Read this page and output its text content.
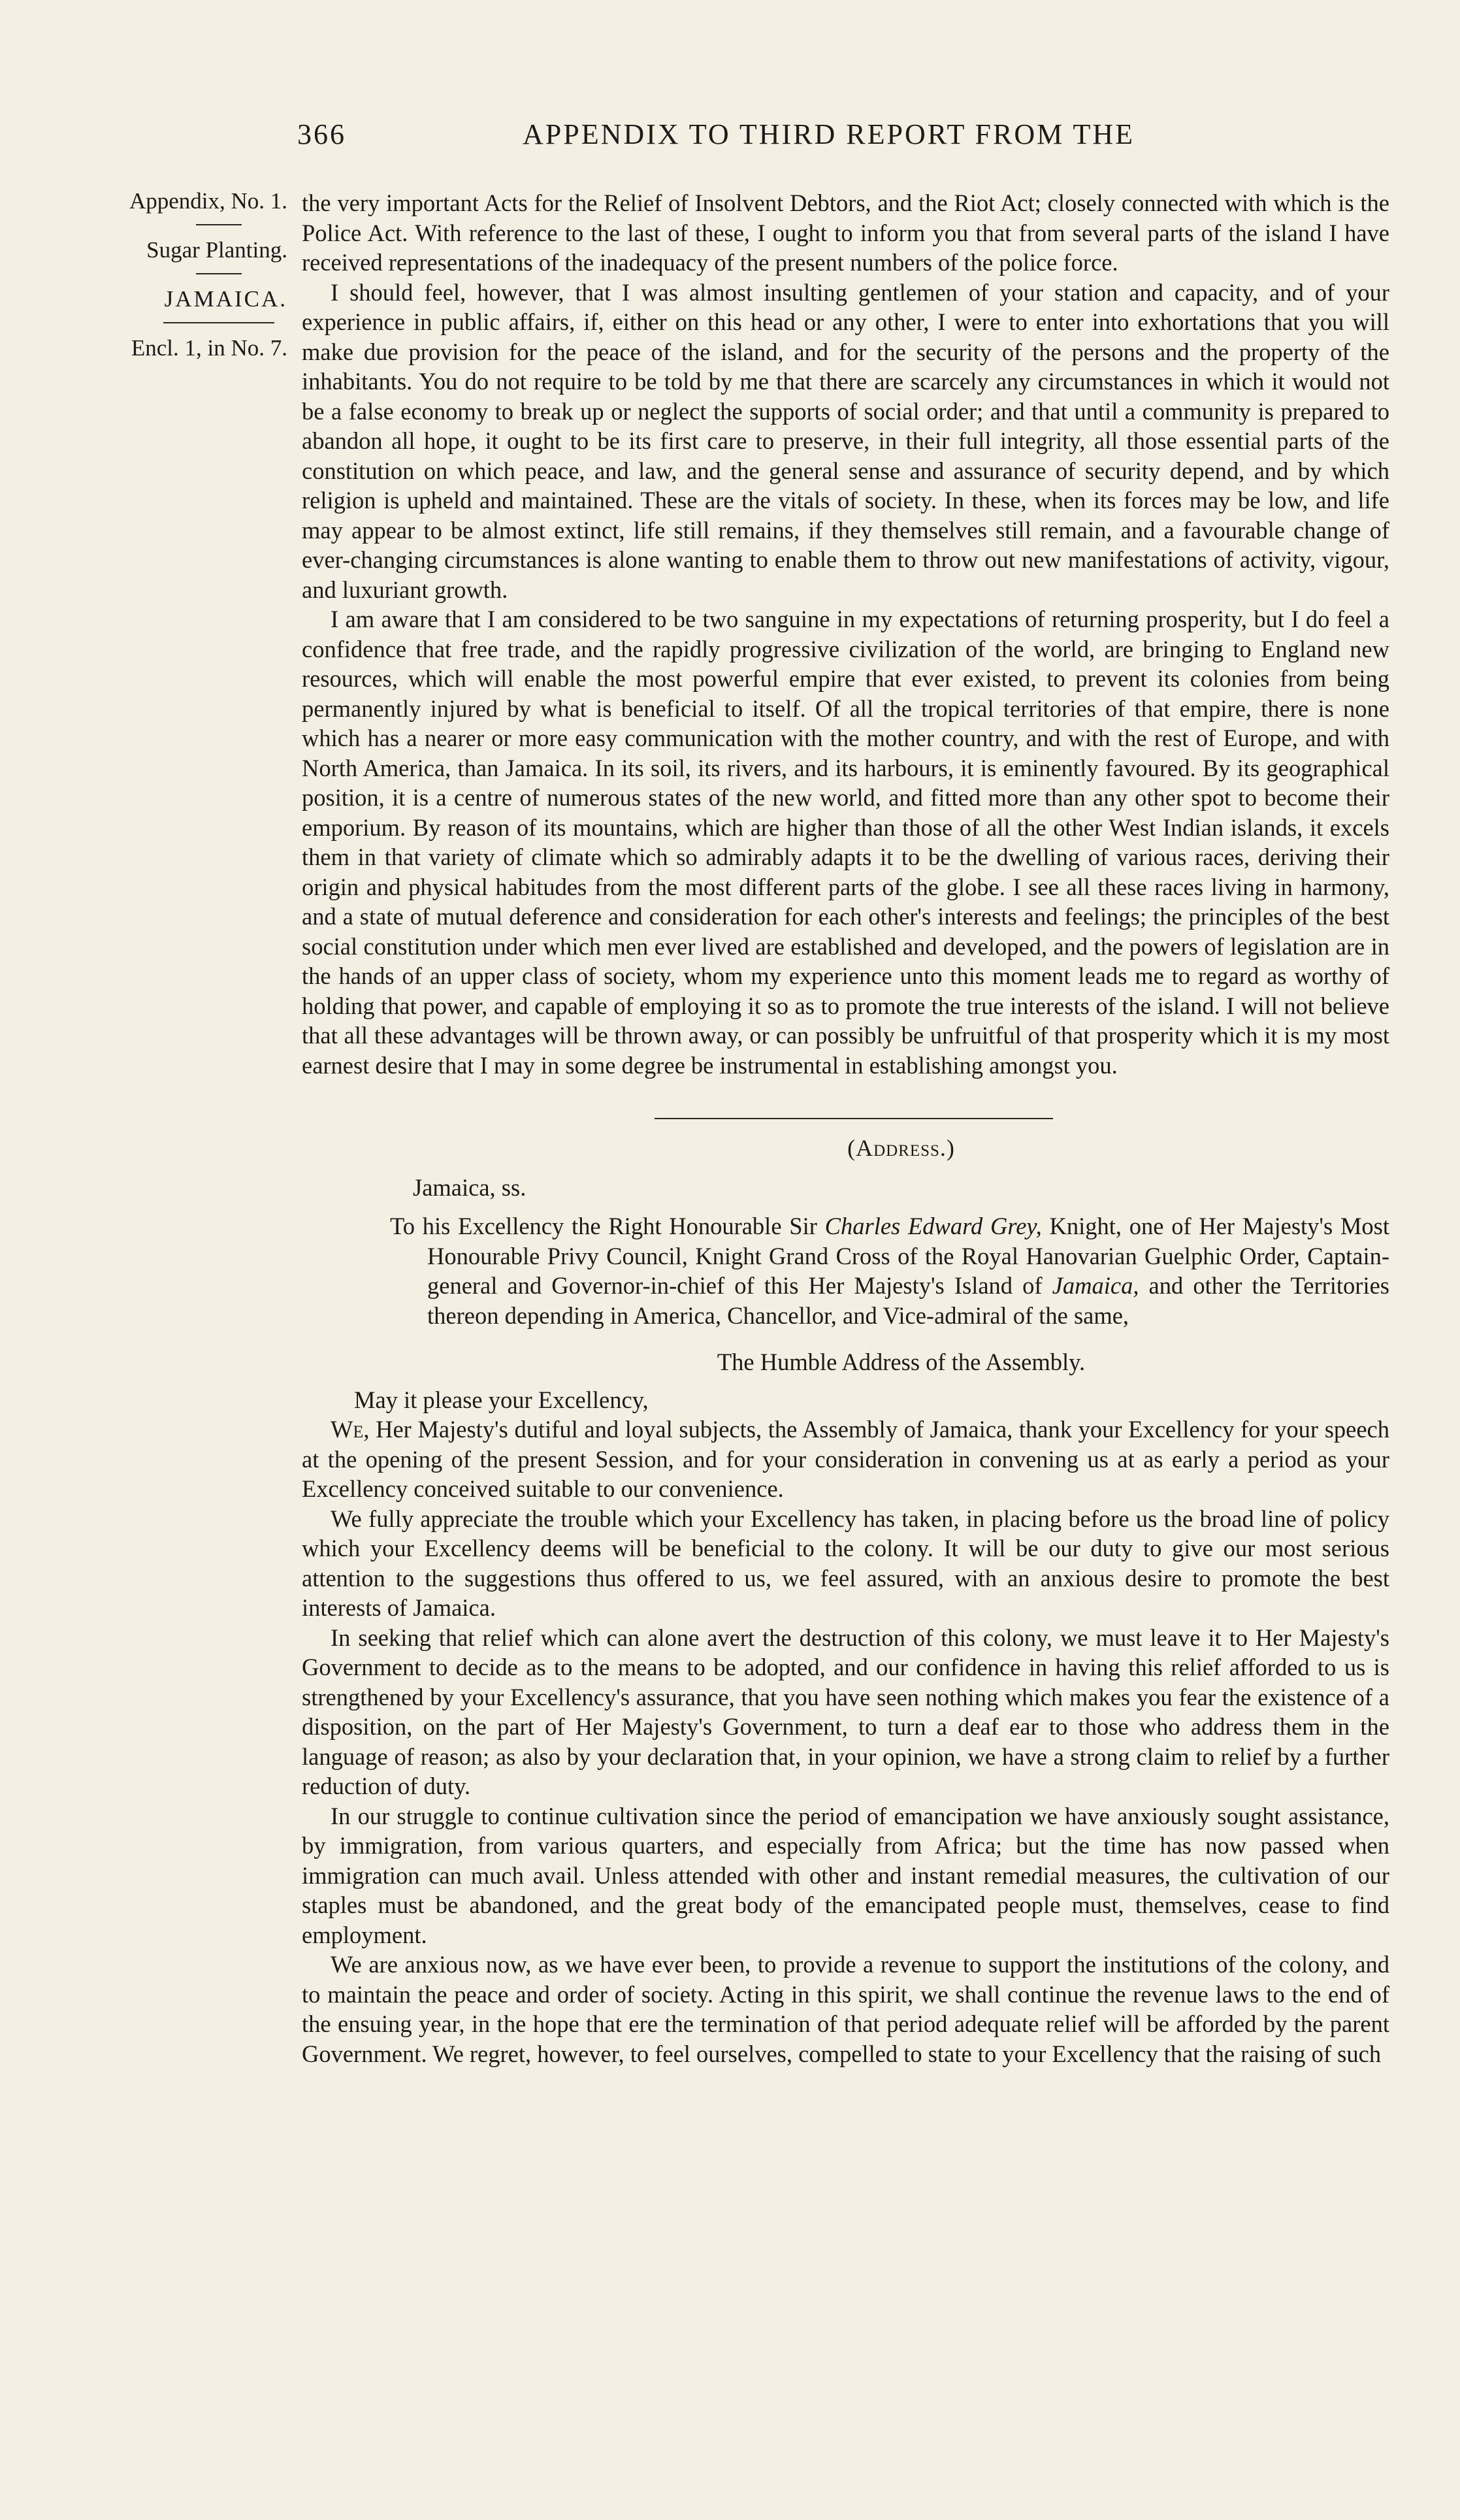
366	APPENDIX TO THIRD REPORT FROM THE
Appendix, No. 1.
Sugar Planting.
JAMAICA.
Encl. 1, in No. 7.

the very important Acts for the Relief of Insolvent Debtors, and the Riot Act; closely connected with which is the Police Act. With reference to the last of these, I ought to inform you that from several parts of the island I have received representations of the inadequacy of the present numbers of the police force.

I should feel, however, that I was almost insulting gentlemen of your station and capacity, and of your experience in public affairs, if, either on this head or any other, I were to enter into exhortations that you will make due provision for the peace of the island, and for the security of the persons and the property of the inhabitants. You do not require to be told by me that there are scarcely any circumstances in which it would not be a false economy to break up or neglect the supports of social order; and that until a community is prepared to abandon all hope, it ought to be its first care to preserve, in their full integrity, all those essential parts of the constitution on which peace, and law, and the general sense and assurance of security depend, and by which religion is upheld and maintained. These are the vitals of society. In these, when its forces may be low, and life may appear to be almost extinct, life still remains, if they themselves still remain, and a favourable change of ever-changing circumstances is alone wanting to enable them to throw out new manifestations of activity, vigour, and luxuriant growth.

I am aware that I am considered to be two sanguine in my expectations of returning prosperity, but I do feel a confidence that free trade, and the rapidly progressive civilization of the world, are bringing to England new resources, which will enable the most powerful empire that ever existed, to prevent its colonies from being permanently injured by what is beneficial to itself. Of all the tropical territories of that empire, there is none which has a nearer or more easy communication with the mother country, and with the rest of Europe, and with North America, than Jamaica. In its soil, its rivers, and its harbours, it is eminently favoured. By its geographical position, it is a centre of numerous states of the new world, and fitted more than any other spot to become their emporium. By reason of its mountains, which are higher than those of all the other West Indian islands, it excels them in that variety of climate which so admirably adapts it to be the dwelling of various races, deriving their origin and physical habitudes from the most different parts of the globe. I see all these races living in harmony, and a state of mutual deference and consideration for each other's interests and feelings; the principles of the best social constitution under which men ever lived are established and developed, and the powers of legislation are in the hands of an upper class of society, whom my experience unto this moment leads me to regard as worthy of holding that power, and capable of employing it so as to promote the true interests of the island. I will not believe that all these advantages will be thrown away, or can possibly be unfruitful of that prosperity which it is my most earnest desire that I may in some degree be instrumental in establishing amongst you.

(Address.)
Jamaica, ss.
To his Excellency the Right Honourable Sir Charles Edward Grey, Knight, one of Her Majesty's Most Honourable Privy Council, Knight Grand Cross of the Royal Hanovarian Guelphic Order, Captain-general and Governor-in-chief of this Her Majesty's Island of Jamaica, and other the Territories thereon depending in America, Chancellor, and Vice-admiral of the same,
The Humble Address of the Assembly.
May it please your Excellency,

We, Her Majesty's dutiful and loyal subjects, the Assembly of Jamaica, thank your Excellency for your speech at the opening of the present Session, and for your consideration in convening us at as early a period as your Excellency conceived suitable to our convenience.

We fully appreciate the trouble which your Excellency has taken, in placing before us the broad line of policy which your Excellency deems will be beneficial to the colony. It will be our duty to give our most serious attention to the suggestions thus offered to us, we feel assured, with an anxious desire to promote the best interests of Jamaica.

In seeking that relief which can alone avert the destruction of this colony, we must leave it to Her Majesty's Government to decide as to the means to be adopted, and our confidence in having this relief afforded to us is strengthened by your Excellency's assurance, that you have seen nothing which makes you fear the existence of a disposition, on the part of Her Majesty's Government, to turn a deaf ear to those who address them in the language of reason; as also by your declaration that, in your opinion, we have a strong claim to relief by a further reduction of duty.

In our struggle to continue cultivation since the period of emancipation we have anxiously sought assistance, by immigration, from various quarters, and especially from Africa; but the time has now passed when immigration can much avail. Unless attended with other and instant remedial measures, the cultivation of our staples must be abandoned, and the great body of the emancipated people must, themselves, cease to find employment.

We are anxious now, as we have ever been, to provide a revenue to support the institutions of the colony, and to maintain the peace and order of society. Acting in this spirit, we shall continue the revenue laws to the end of the ensuing year, in the hope that ere the termination of that period adequate relief will be afforded by the parent Government. We regret, however, to feel ourselves, compelled to state to your Excellency that the raising of such
